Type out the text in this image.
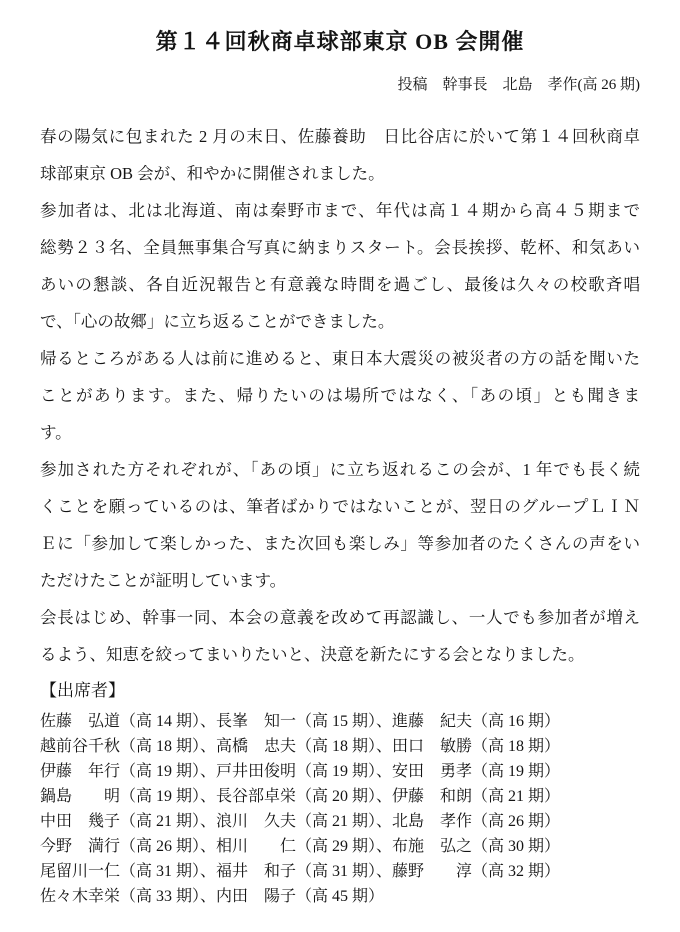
第１４回秋商卓球部東京 OB 会開催
投稿　幹事長　北島　孝作(高 26 期)
春の陽気に包まれた 2 月の末日、佐藤養助　日比谷店に於いて第１４回秋商卓
球部東京 OB 会が、和やかに開催されました。
参加者は、北は北海道、南は秦野市まで、年代は高１４期から高４５期まで
総勢２３名、全員無事集合写真に納まりスタート。会長挨拶、乾杯、和気あい
あいの懇談、各自近況報告と有意義な時間を過ごし、最後は久々の校歌斉唱
で、「心の故郷」に立ち返ることができました。
帰るところがある人は前に進めると、東日本大震災の被災者の方の話を聞いた
ことがあります。また、帰りたいのは場所ではなく、「あの頃」とも聞きま
す。
参加された方それぞれが、「あの頃」に立ち返れるこの会が、1 年でも長く続
くことを願っているのは、筆者ばかりではないことが、翌日のグループＬＩＮ
Ｅに「参加して楽しかった、また次回も楽しみ」等参加者のたくさんの声をい
ただけたことが証明しています。
会長はじめ、幹事一同、本会の意義を改めて再認識し、一人でも参加者が増え
るよう、知恵を絞ってまいりたいと、決意を新たにする会となりました。
【出席者】
佐藤　弘道（高 14 期）、長峯　知一（高 15 期）、進藤　紀夫（高 16 期）
越前谷千秋（高 18 期）、高橋　忠夫（高 18 期）、田口　敏勝（高 18 期）
伊藤　年行（高 19 期）、戸井田俊明（高 19 期）、安田　勇孝（高 19 期）
鍋島　　明（高 19 期）、長谷部卓栄（高 20 期）、伊藤　和朗（高 21 期）
中田　幾子（高 21 期）、浪川　久夫（高 21 期）、北島　孝作（高 26 期）
今野　満行（高 26 期）、相川　　仁（高 29 期）、布施　弘之（高 30 期）
尾留川一仁（高 31 期）、福井　和子（高 31 期）、藤野　　淳（高 32 期）
佐々木幸栄（高 33 期）、内田　陽子（高 45 期）
